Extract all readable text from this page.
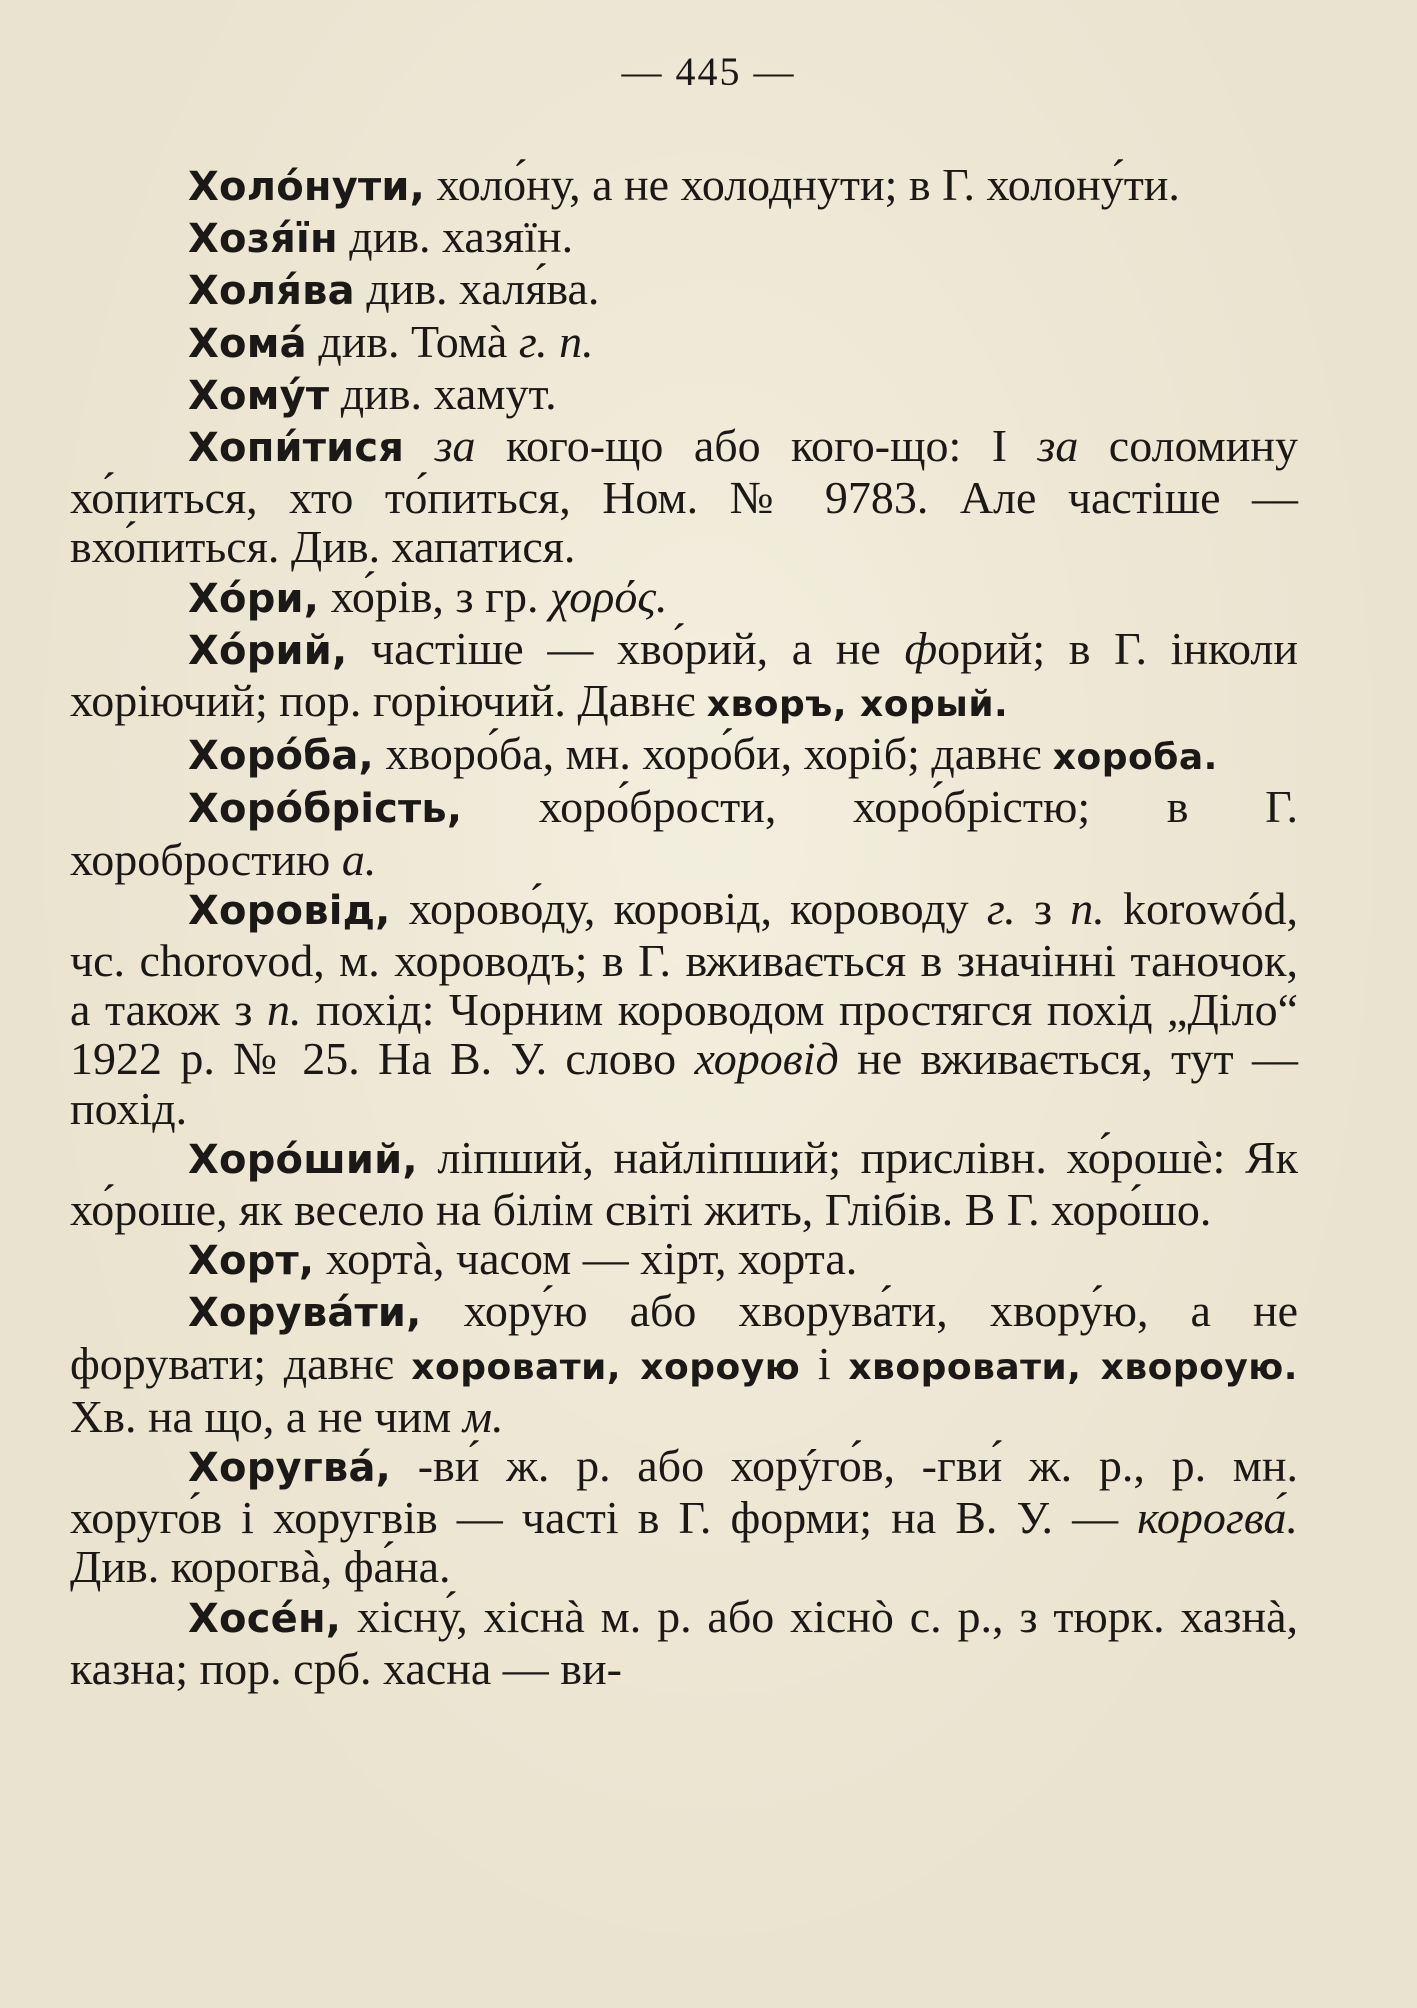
— 445 —

Холо́нути, холо́ну, а не холоднути; в Г. холону́ти.

Хозя́їн див. хазяїн.

Холя́ва див. халя́ва.

Хома́ див. Томà г. п.

Хому́т див. хамут.

Хопи́тися за кого-що або кого-що: І за соломину хо́питься, хто то́питься, Ном. № 9783. Але частіше — вхо́питься. Див. хапатися.

Хо́ри, хо́рів, з гр. χορός.

Хо́рий, частіше — хво́рий, а не форий; в Г. інколи хоріючий; пор. горіючий. Давнє хворъ, хорый.

Хоро́ба, хворо́ба, мн. хоро́би, хоріб; давнє хороба.

Хоро́брість, хоро́брости, хоро́брістю; в Г. хоробростию а.

Хоровід, хорово́ду, коровід, короводу г. з п. korowód, чс. chorovod, м. хороводъ; в Г. вживається в значінні таночок, а також з п. похід: Чорним короводом простягся похід „Діло“ 1922 р. № 25. На В. У. слово хоровід не вживається, тут — похід.

Хоро́ший, ліпший, найліпший; прислівн. хо́рошѐ: Як хо́роше, як весело на білім світі жить, Глібів. В Г. хоро́шо.

Хорт, хортà, часом — хірт, хорта.

Хорува́ти, хору́ю або хворува́ти, хвору́ю, а не форувати; давнє хоровати, хороую і хворовати, хвороую. Хв. на що, а не чим м.

Хоругва́, -ви́ ж. р. або хорýго́в, -гви́ ж. р., р. мн. хоруго́в і хоругвів — часті в Г. форми; на В. У. — корогва́. Див. корогвà, фа́на.

Хосе́н, хісну́, хіснà м. р. або хіснò с. р., з тюрк. хазнà, казна; пор. срб. хасна — ви-
